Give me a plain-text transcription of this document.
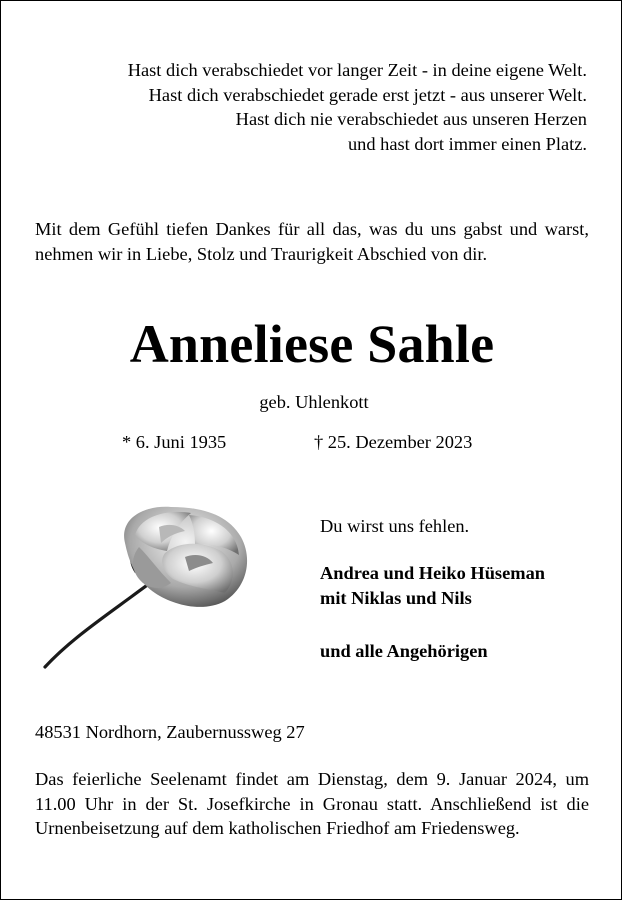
Hast dich verabschiedet vor langer Zeit - in deine eigene Welt.
Hast dich verabschiedet gerade erst jetzt - aus unserer Welt.
Hast dich nie verabschiedet aus unseren Herzen
und hast dort immer einen Platz.
Mit dem Gefühl tiefen Dankes für all das, was du uns gabst und warst, nehmen wir in Liebe, Stolz und Traurigkeit Abschied von dir.
Anneliese Sahle
geb. Uhlenkott
* 6. Juni 1935	† 25. Dezember 2023
Du wirst uns fehlen.
Andrea und Heiko Hüseman
mit Niklas und Nils
und alle Angehörigen
48531 Nordhorn, Zaubernussweg 27
Das feierliche Seelenamt findet am Dienstag, dem 9. Januar 2024, um 11.00 Uhr in der St. Josefkirche in Gronau statt. Anschließend ist die Urnenbeisetzung auf dem katholischen Friedhof am Friedensweg.
